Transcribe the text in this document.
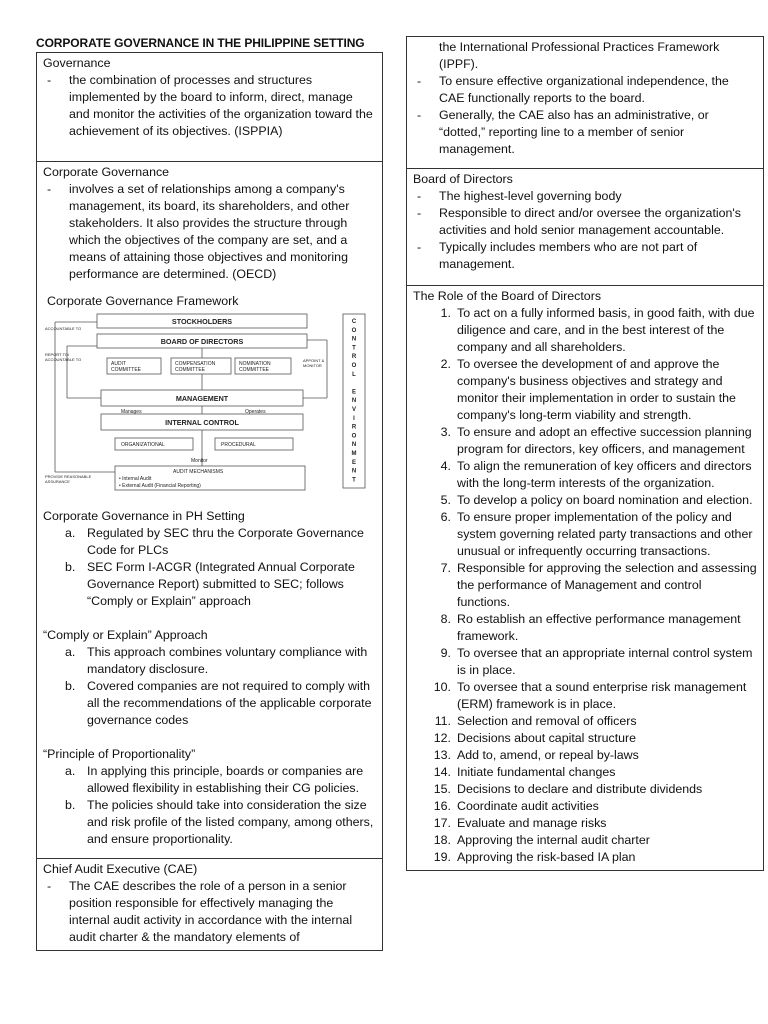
CORPORATE GOVERNANCE IN THE PHILIPPINE SETTING
Governance
- the combination of processes and structures implemented by the board to inform, direct, manage and monitor the activities of the organization toward the achievement of its objectives. (ISPPIA)
Corporate Governance
- involves a set of relationships among a company's management, its board, its shareholders, and other stakeholders. It also provides the structure through which the objectives of the company are set, and a means of attaining those objectives and monitoring performance are determined. (OECD)
Corporate Governance Framework
STOCKHOLDERS
BOARD OF DIRECTORS
MANAGEMENT
INTERNAL CONTROL
AUDIT
COMMITTEE
COMPENSATION
COMMITTEE
NOMINATION
COMMITTEE
ORGANIZATIONAL	PROCEDURAL
Manages	Operates
Monitor
AUDIT MECHANISMS
• Internal Audit
• External Audit (Financial Reporting)
ACCOUNTABLE TO
REPORT TO/
ACCOUNTABLE TO	APPOINT &
MONITOR
PROVIDE REASONABLE
ASSURANCE
C
O
N
T
R
O
L
E
N
V
I
R
O
N
M
E
N
T
Corporate Governance in PH Setting
a. Regulated by SEC thru the Corporate Governance Code for PLCs
b. SEC Form I-ACGR (Integrated Annual Corporate Governance Report) submitted to SEC; follows “Comply or Explain” approach
“Comply or Explain” Approach
a. This approach combines voluntary compliance with mandatory disclosure.
b. Covered companies are not required to comply with all the recommendations of the applicable corporate governance codes
“Principle of Proportionality”
a. In applying this principle, boards or companies are allowed flexibility in establishing their CG policies.
b. The policies should take into consideration the size and risk profile of the listed company, among others, and ensure proportionality.
Chief Audit Executive (CAE)
- The CAE describes the role of a person in a senior position responsible for effectively managing the internal audit activity in accordance with the internal audit charter & the mandatory elements of
the International Professional Practices Framework (IPPF).
- To ensure effective organizational independence, the CAE functionally reports to the board.
- Generally, the CAE also has an administrative, or “dotted,” reporting line to a member of senior management.
Board of Directors
- The highest-level governing body
- Responsible to direct and/or oversee the organization's activities and hold senior management accountable.
- Typically includes members who are not part of management.
The Role of the Board of Directors
1. To act on a fully informed basis, in good faith, with due diligence and care, and in the best interest of the company and all shareholders.
2. To oversee the development of and approve the company's business objectives and strategy and monitor their implementation in order to sustain the company's long-term viability and strength.
3. To ensure and adopt an effective succession planning program for directors, key officers, and management
4. To align the remuneration of key officers and directors with the long-term interests of the organization.
5. To develop a policy on board nomination and election.
6. To ensure proper implementation of the policy and system governing related party transactions and other unusual or infrequently occurring transactions.
7. Responsible for approving the selection and assessing the performance of Management and control functions.
8. Ro establish an effective performance management framework.
9. To oversee that an appropriate internal control system is in place.
10. To oversee that a sound enterprise risk management (ERM) framework is in place.
11. Selection and removal of officers
12. Decisions about capital structure
13. Add to, amend, or repeal by-laws
14. Initiate fundamental changes
15. Decisions to declare and distribute dividends
16. Coordinate audit activities
17. Evaluate and manage risks
18. Approving the internal audit charter
19. Approving the risk-based IA plan
